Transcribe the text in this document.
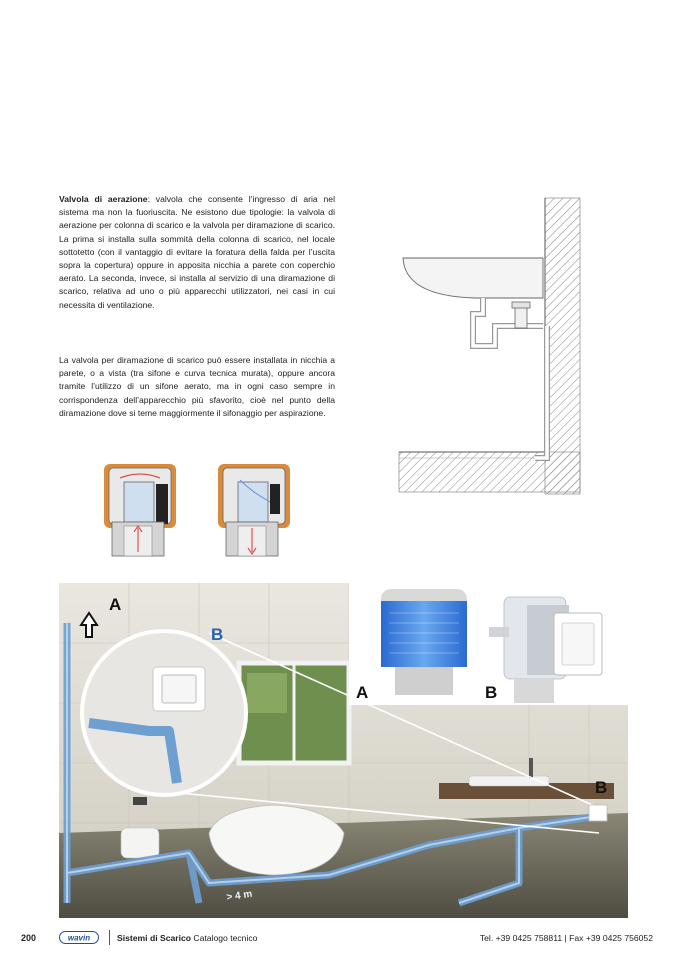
Valvola di aerazione: valvola che consente l’ingresso di aria nel sistema ma non la fuoriuscita. Ne esistono due tipologie: la valvola di aerazione per colonna di scarico e la valvola per diramazione di scarico. La prima si installa sulla sommità della colonna di scarico, nel locale sottotetto (con il vantaggio di evitare la foratura della falda per l’uscita sopra la copertura) oppure in apposita nicchia a parete con coperchio aerato. La seconda, invece, si installa al servizio di una diramazione di scarico, relativa ad uno o più apparecchi utilizzatori, nei casi in cui necessita di ventilazione.
La valvola per diramazione di scarico può essere installata in nicchia a parete, o a vista (tra sifone e curva tecnica murata), oppure ancora tramite l’utilizzo di un sifone aerato, ma in ogni caso sempre in corrispondenza dell’apparecchio più sfavorito, cioè nel punto della diramazione dove si teme maggiormente il sifonaggio per aspirazione.
> 4 m
A
B
A	B
B
200	wavin	Sistemi di Scarico Catalogo tecnico	Tel. +39 0425 758811 | Fax +39 0425 756052
